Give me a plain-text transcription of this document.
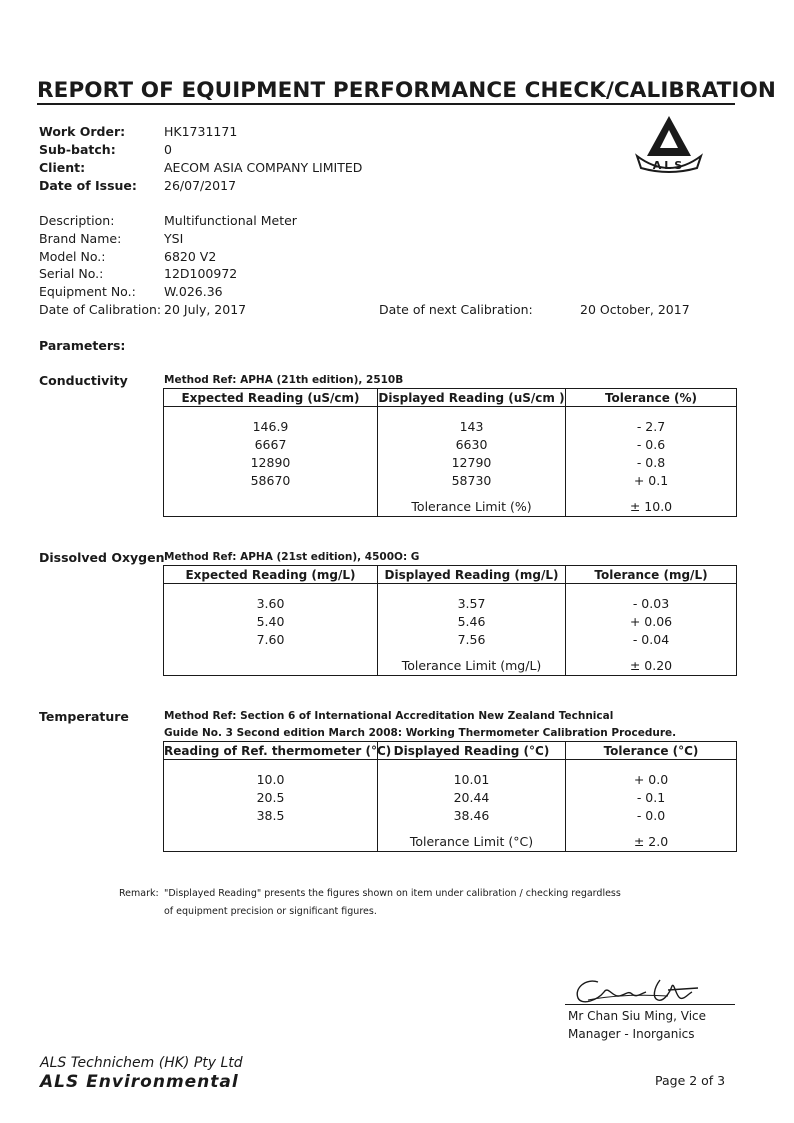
REPORT OF EQUIPMENT PERFORMANCE CHECK/CALIBRATION
Work Order:	HK1731171
Sub-batch:	0
Client:	AECOM ASIA COMPANY LIMITED
Date of Issue: 26/07/2017
ALS
Description:	Multifunctional Meter
Brand Name:	YSI
Model No.:	6820 V2
Serial No.:	12D100972
Equipment No.: W.026.36
Date of Calibration: 20 July, 2017	Date of next Calibration:	20 October, 2017
Parameters:
Conductivity	Method Ref: APHA (21th edition), 2510B
Expected Reading (uS/cm)	Displayed Reading (uS/cm )	Tolerance (%)

146.9	143	- 2.7
6667	6630	- 0.6
12890	12790	- 0.8
58670	58730	+ 0.1

	Tolerance Limit (%)	± 10.0
Dissolved Oxygen Method Ref: APHA (21st edition), 4500O: G
Expected Reading (mg/L)	Displayed Reading (mg/L)	Tolerance (mg/L)

3.60	3.57	- 0.03
5.40	5.46	+ 0.06
7.60	7.56	- 0.04

	Tolerance Limit (mg/L)	± 0.20
Temperature	Method Ref: Section 6 of International Accreditation New Zealand Technical
Guide No. 3 Second edition March 2008: Working Thermometer Calibration Procedure.
Reading of Ref. thermometer (°C)	Displayed Reading (°C)	Tolerance (°C)

10.0	10.01	+ 0.0
20.5	20.44	- 0.1
38.5	38.46	- 0.0

	Tolerance Limit (°C)	± 2.0
Remark: "Displayed Reading" presents the figures shown on item under calibration / checking regardless
of equipment precision or significant figures.
Mr Chan Siu Ming, Vice
Manager - Inorganics
ALS Technichem (HK) Pty Ltd
ALS Environmental	Page 2 of 3
